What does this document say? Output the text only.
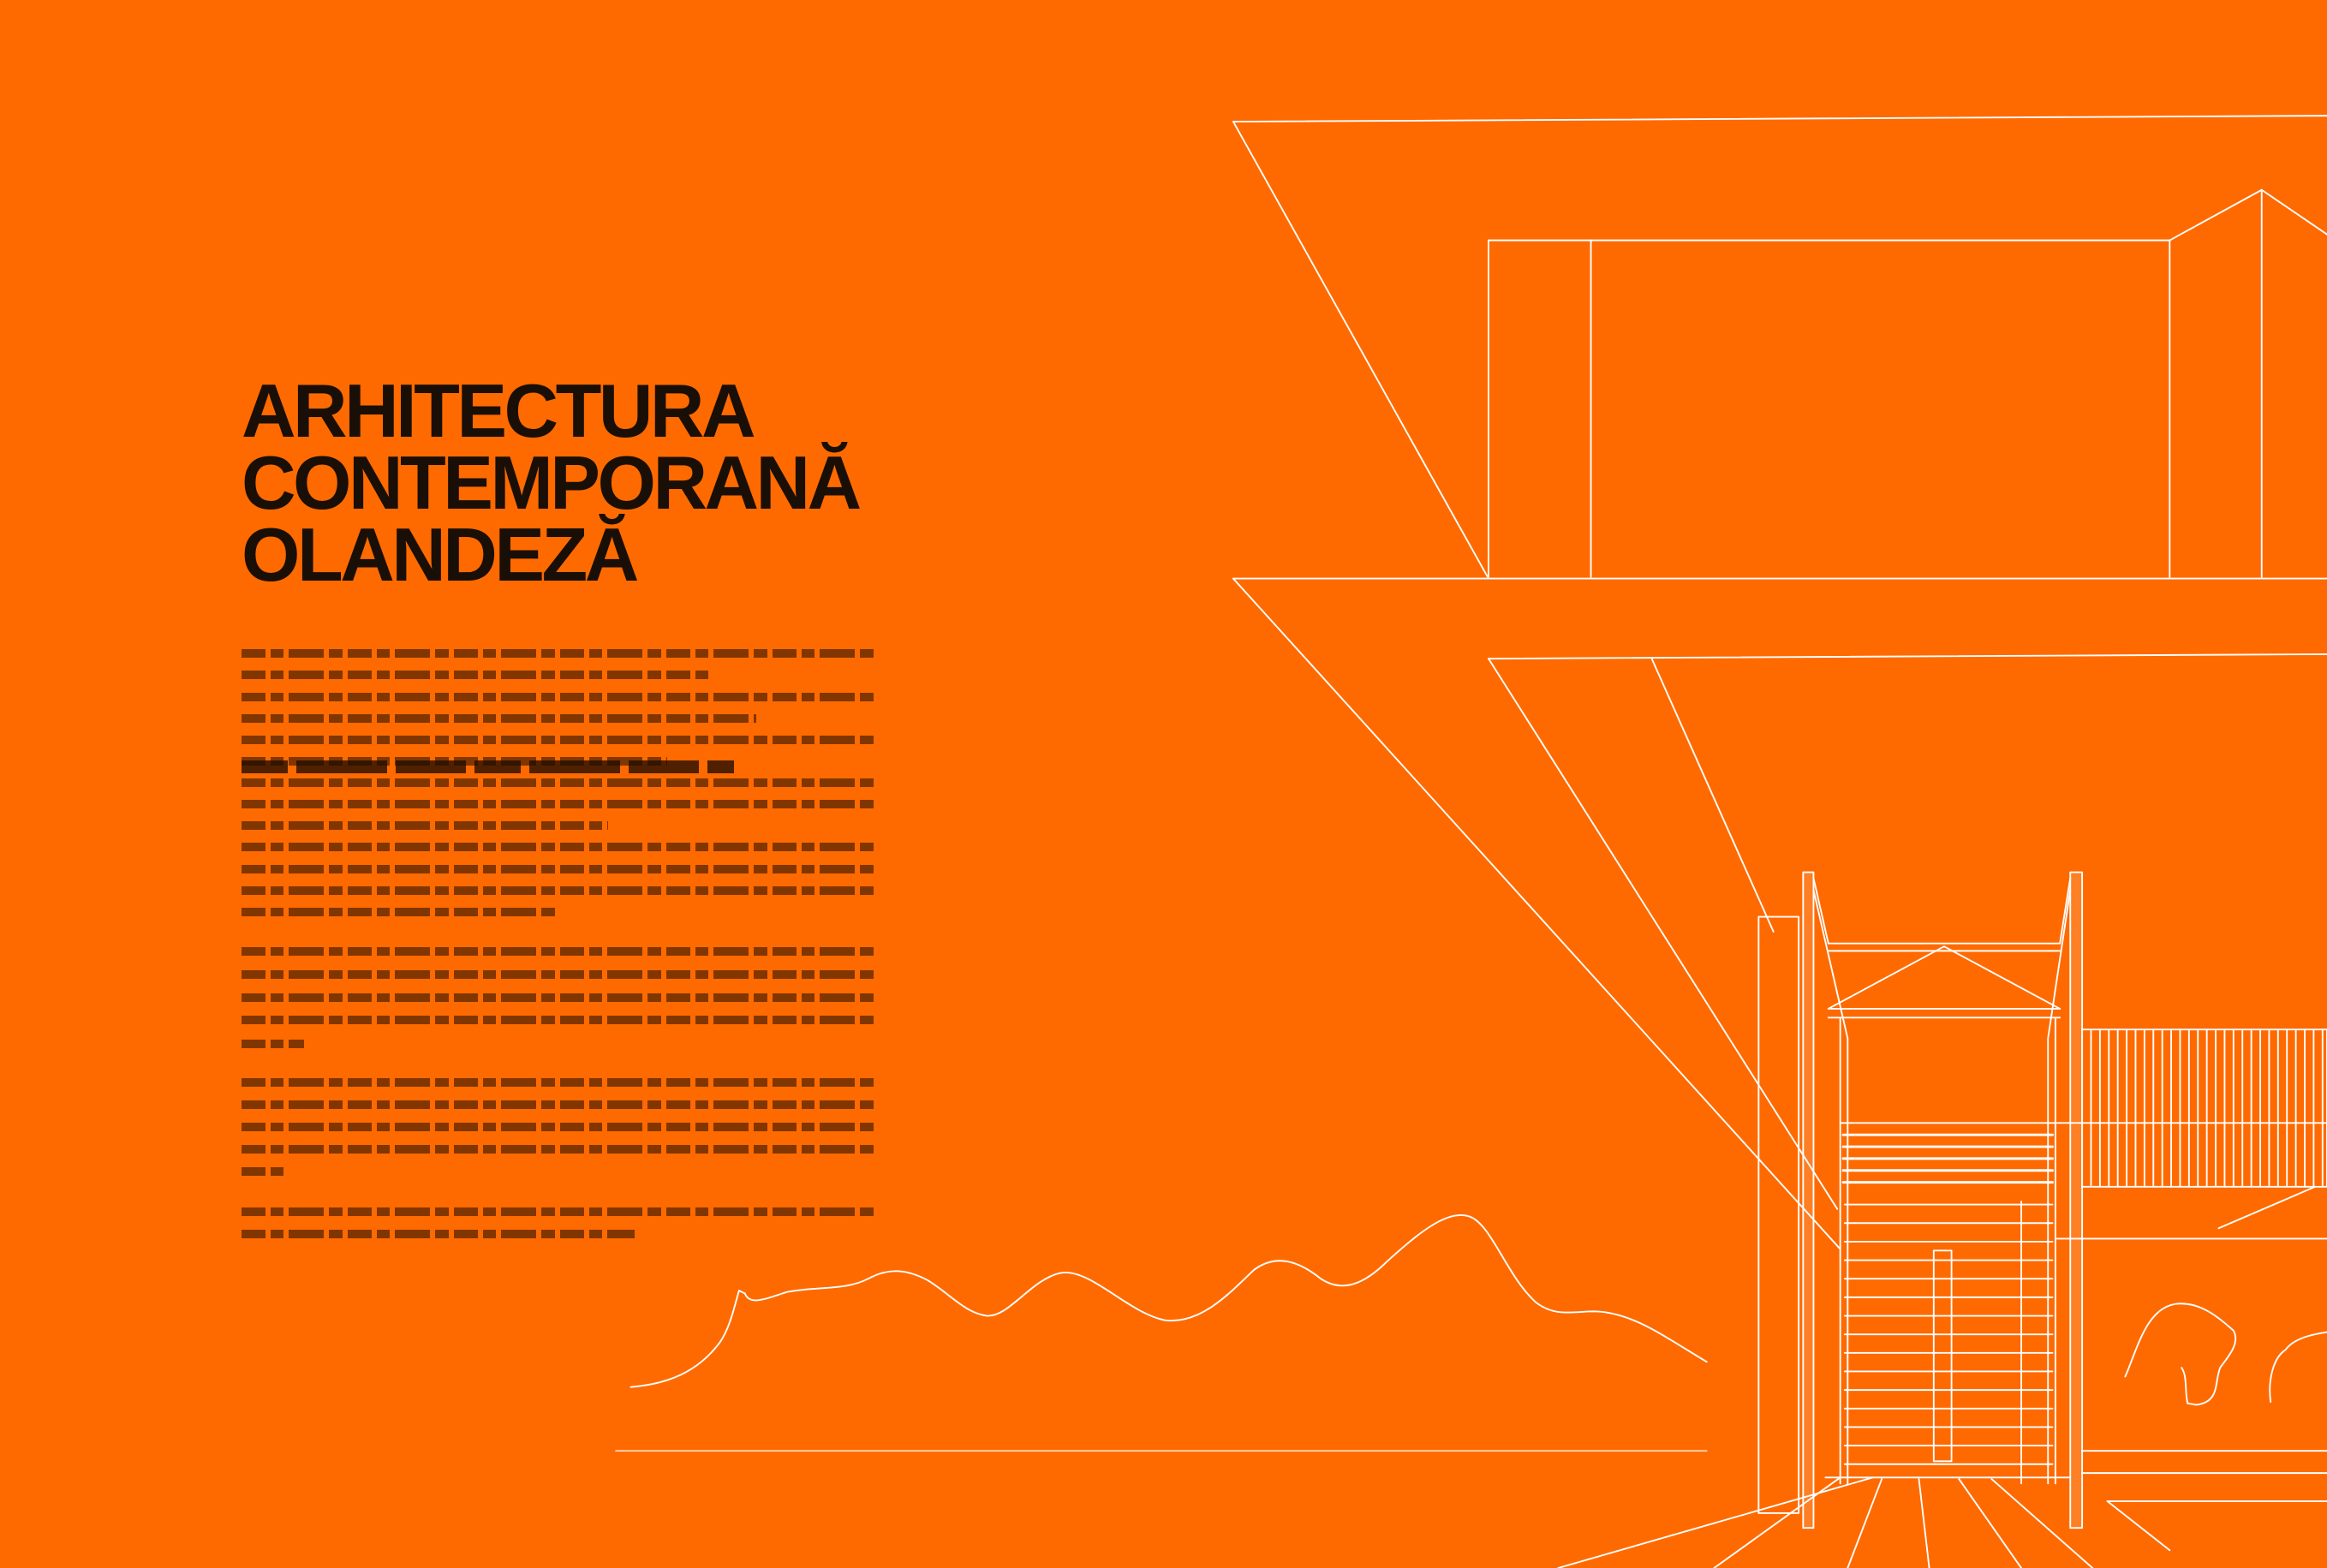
ARHITECTURA
CONTEMPORANĂ
OLANDEZĂ
